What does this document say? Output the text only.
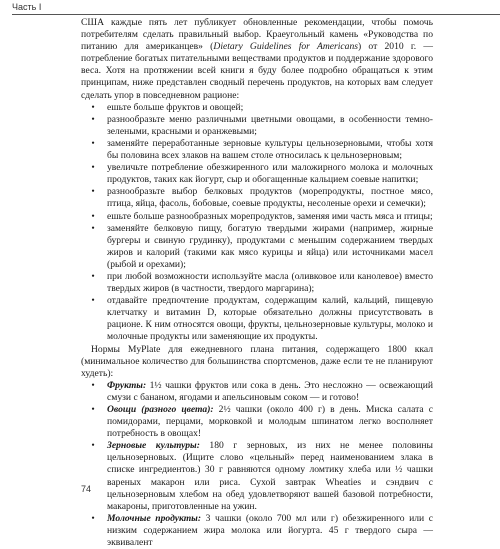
Часть I

США каждые пять лет публикует обновленные рекомендации, чтобы помочь потребителям сделать правильный выбор. Краеугольный камень «Руководства по питанию для американцев» (Dietary Guidelines for Americans) от 2010 г. — потребление богатых питательными веществами продуктов и поддержание здорового веса. Хотя на протяжении всей книги я буду более подробно обращаться к этим принципам, ниже представлен сводный перечень продуктов, на которых вам следует сделать упор в повседневном рационе:

• ешьте больше фруктов и овощей;
• разнообразьте меню различными цветными овощами, в особенности темно-зелеными, красными и оранжевыми;
• заменяйте переработанные зерновые культуры цельнозерновыми, чтобы хотя бы половина всех злаков на вашем столе относилась к цельнозерновым;
• увеличьте потребление обезжиренного или маложирного молока и молочных продуктов, таких как йогурт, сыр и обогащенные кальцием соевые напитки;
• разнообразьте выбор белковых продуктов (морепродукты, постное мясо, птица, яйца, фасоль, бобовые, соевые продукты, несоленые орехи и семечки);
• ешьте больше разнообразных морепродуктов, заменяя ими часть мяса и птицы;
• заменяйте белковую пищу, богатую твердыми жирами (например, жирные бургеры и свиную грудинку), продуктами с меньшим содержанием твердых жиров и калорий (такими как мясо курицы и яйца) или источниками масел (рыбой и орехами);
• при любой возможности используйте масла (оливковое или канолевое) вместо твердых жиров (в частности, твердого маргарина);
• отдавайте предпочтение продуктам, содержащим калий, кальций, пищевую клетчатку и витамин D, которые обязательно должны присутствовать в рационе. К ним относятся овощи, фрукты, цельнозерновые культуры, молоко и молочные продукты или заменяющие их продукты.

Нормы MyPlate для ежедневного плана питания, содержащего 1800 ккал (минимальное количество для большинства спортсменов, даже если те не планируют худеть):

• Фрукты: 1½ чашки фруктов или сока в день. Это несложно — освежающий смузи с бананом, ягодами и апельсиновым соком — и готово!
• Овощи (разного цвета): 2½ чашки (около 400 г) в день. Миска салата с помидорами, перцами, морковкой и молодым шпинатом легко восполняет потребность в овощах!
• Зерновые культуры: 180 г зерновых, из них не менее половины цельнозерновых. (Ищите слово «цельный» перед наименованием злака в списке ингредиентов.) 30 г равняются одному ломтику хлеба или ½ чашки вареных макарон или риса. Сухой завтрак Wheaties и сэндвич с цельнозерновым хлебом на обед удовлетворяют вашей базовой потребности, макароны, приготовленные на ужин.
• Молочные продукты: 3 чашки (около 700 мл или г) обезжиренного или с низким содержанием жира молока или йогурта. 45 г твердого сыра — эквивалент
74
